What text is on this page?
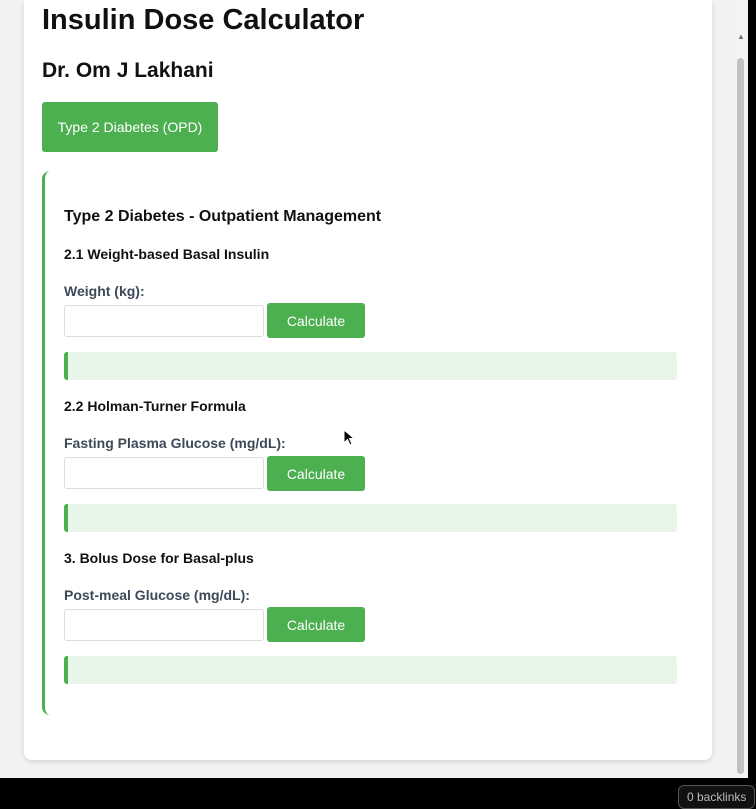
Insulin Dose Calculator
Dr. Om J Lakhani
Type 2 Diabetes (OPD)
Type 2 Diabetes - Outpatient Management
2.1 Weight-based Basal Insulin
Weight (kg):
Calculate
2.2 Holman-Turner Formula
Fasting Plasma Glucose (mg/dL):
Calculate
3. Bolus Dose for Basal-plus
Post-meal Glucose (mg/dL):
Calculate
▲
0 backlinks
